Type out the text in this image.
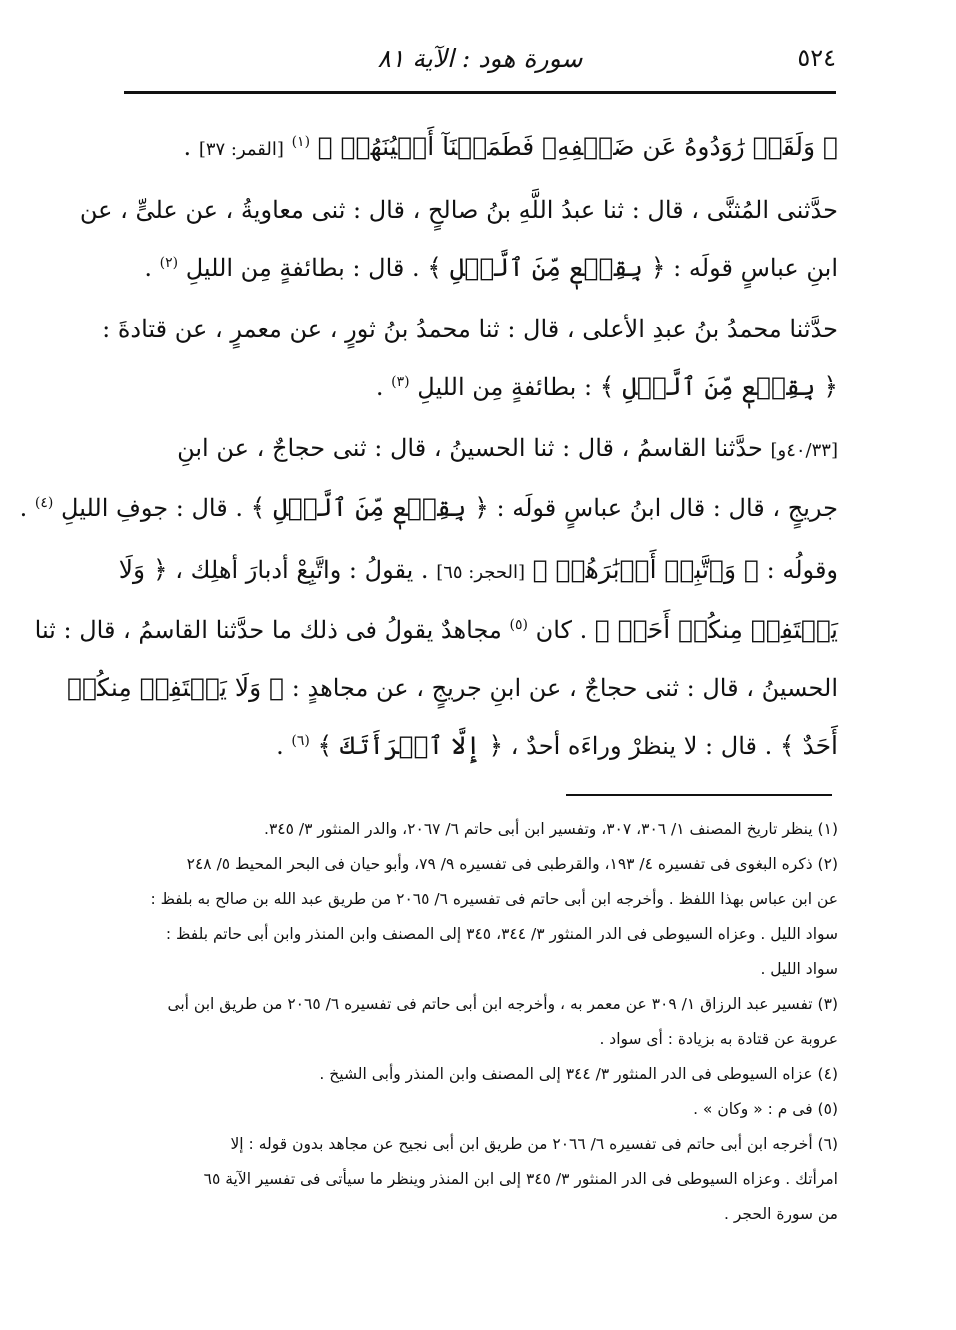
٥٢٤
سورة هود : الآية ٨١

﴿ وَلَقَدۡ رَٰوَدُوهُ عَن ضَيۡفِهِۦ فَطَمَسۡنَآ أَعۡيُنَهُمۡ ﴾ $^{(١)}$ [القمر: ٣٧] .

حدَّثنى المُثنَّى ، قال : ثنا عبدُ اللَّهِ بنُ صالحٍ ، قال : ثنى معاويةُ ، عن علىٍّ ، عن
ابنِ عباسٍ قولَه : ﴿ بِقِطۡعٖ مِّنَ ٱلَّيۡلِ ﴾ . قال : بطائفةٍ مِن الليلِ $^{(٢)}$ .

حدَّثنا محمدُ بنُ عبدِ الأعلى ، قال : ثنا محمدُ بنُ ثورٍ ، عن معمرٍ ، عن قتادةَ :
﴿ بِقِطۡعٖ مِّنَ ٱلَّيۡلِ ﴾ : بطائفةٍ مِن الليلِ $^{(٣)}$ .

[٤٠/٣٣و] حدَّثنا القاسمُ ، قال : ثنا الحسينُ ، قال : ثنى حجاجٌ ، عن ابنِ
جريجٍ ، قال : قال ابنُ عباسٍ قولَه : ﴿ بِقِطۡعٖ مِّنَ ٱلَّيۡلِ ﴾ . قال : جوفِ الليلِ $^{(٤)}$ .

وقولُه : ﴿ وَٱتَّبِعۡ أَدۡبَٰرَهُمۡ ﴾ [الحجر: ٦٥] . يقولُ : واتَّبِعْ أدبارَ أهلِك ، ﴿ وَلَا
يَلۡتَفِتۡ مِنكُمۡ أَحَدٞ ﴾ . كان $^{(٥)}$ مجاهدٌ يقولُ فى ذلك ما حدَّثنا القاسمُ ، قال : ثنا
الحسينُ ، قال : ثنى حجاجٌ ، عن ابنِ جريجٍ ، عن مجاهدٍ : ﴿ وَلَا يَلۡتَفِتۡ مِنكُمۡ
أَحَدٌ ﴾ . قال : لا ينظرْ وراءَه أحدٌ ، ﴿ إِلَّا ٱمۡرَأَتَكَ ﴾ $^{(٦)}$ .

(١) ينظر تاريخ المصنف ١/ ٣٠٦، ٣٠٧، وتفسير ابن أبى حاتم ٦/ ٢٠٦٧، والدر المنثور ٣/ ٣٤٥.

(٢) ذكره البغوى فى تفسيره ٤/ ١٩٣، والقرطبى فى تفسيره ٩/ ٧٩، وأبو حيان فى البحر المحيط ٥/ ٢٤٨
عن ابن عباس بهذا اللفظ . وأخرجه ابن أبى حاتم فى تفسيره ٦/ ٢٠٦٥ من طريق عبد الله بن صالح به بلفظ :
سواد الليل . وعزاه السيوطى فى الدر المنثور ٣/ ٣٤٤، ٣٤٥ إلى المصنف وابن المنذر وابن أبى حاتم بلفظ :
سواد الليل .

(٣) تفسير عبد الرزاق ١/ ٣٠٩ عن معمر به ، وأخرجه ابن أبى حاتم فى تفسيره ٦/ ٢٠٦٥ من طريق ابن أبى
عروبة عن قتادة به بزيادة : أى سواد .

(٤) عزاه السيوطى فى الدر المنثور ٣/ ٣٤٤ إلى المصنف وابن المنذر وأبى الشيخ .

(٥) فى م : « وكان » .

(٦) أخرجه ابن أبى حاتم فى تفسيره ٦/ ٢٠٦٦ من طريق ابن أبى نجيح عن مجاهد بدون قوله : إلا
امرأتك . وعزاه السيوطى فى الدر المنثور ٣/ ٣٤٥ إلى ابن المنذر وينظر ما سيأتى فى تفسير الآية ٦٥
من سورة الحجر .
